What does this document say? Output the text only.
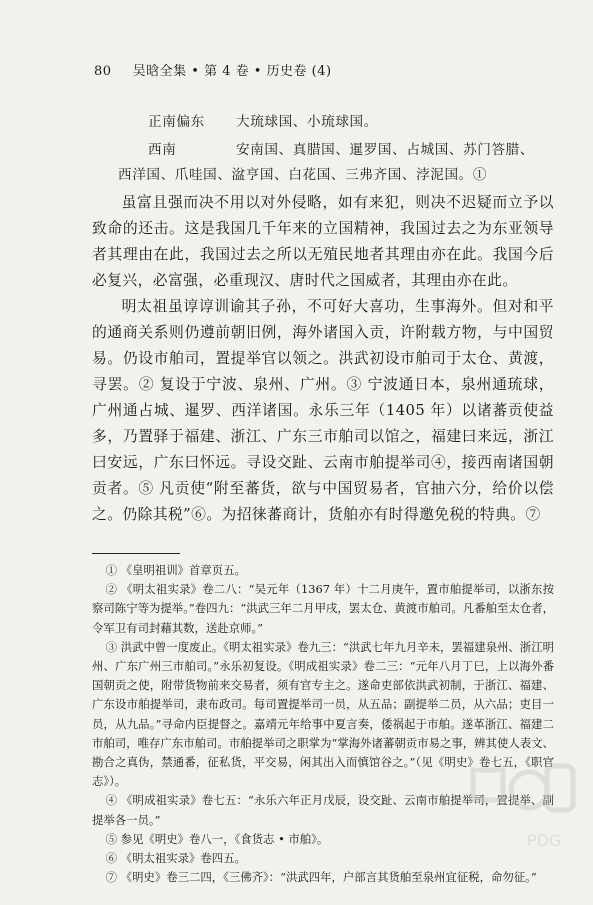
80 吴晗全集 • 第 4 卷 • 历史卷 (4)
正南偏东 大琉球国、小琉球国。
西南	安南国、真腊国、暹罗国、占城国、苏门答腊、
西洋国、爪哇国、湓亨国、白花国、三弗齐国、浡泥国。①

虽富且强而决不用以对外侵略，如有来犯，则决不迟疑而立予以致命的还击。这是我国几千年来的立国精神，我国过去之为东亚领导者其理由在此，我国过去之所以无殖民地者其理由亦在此。我国今后必复兴，必富强，必重现汉、唐时代之国威者，其理由亦在此。

明太祖虽谆谆训谕其子孙，不可好大喜功，生事海外。但对和平的通商关系则仍遵前朝旧例，海外诸国入贡，许附载方物，与中国贸易。仍设市舶司，置提举官以领之。洪武初设市舶司于太仓、黄渡，寻罢。② 复设于宁波、泉州、广州。③ 宁波通日本，泉州通琉球，广州通占城、暹罗、西洋诸国。永乐三年（1405 年）以诸蕃贡使益多，乃置驿于福建、浙江、广东三市舶司以馆之，福建曰来远，浙江曰安远，广东曰怀远。寻设交趾、云南市舶提举司④，接西南诸国朝贡者。⑤ 凡贡使“附至蕃货，欲与中国贸易者，官抽六分，给价以偿之。仍除其税”⑥。为招徕蕃商计，货舶亦有时得邀免税的特典。⑦

① 《皇明祖训》首章页五。

② 《明太祖实录》卷二八：“吴元年（1367 年）十二月庚午，置市舶提举司，以浙东按察司陈宁等为提举。”卷四九：“洪武三年二月甲戌，罢太仓、黄渡市舶司。凡番舶至太仓者，令军卫有司封藉其数，送赴京师。”

③ 洪武中曾一度废止。《明太祖实录》卷九三：“洪武七年九月辛未，罢福建泉州、浙江明州、广东广州三市舶司。”永乐初复设。《明成祖实录》卷二三：“元年八月丁巳，上以海外番国朝贡之使，附带货物前来交易者，须有官专主之。遂命吏部依洪武初制，于浙江、福建、广东设市舶提举司，隶布政司。每司置提举司一员，从五品；副提举二员，从六品；吏目一员，从九品。”寻命内臣提督之。嘉靖元年给事中夏言奏，倭祸起于市舶。遂革浙江、福建二市舶司，唯存广东市舶司。市舶提举司之职掌为“掌海外诸蕃朝贡市易之事，辨其使人表文、勘合之真伪，禁通番，征私货，平交易，闲其出入而慎馆谷之。”（见《明史》卷七五，《职官志》）。

④ 《明成祖实录》卷七五：“永乐六年正月戊辰，设交趾、云南市舶提举司，置提举、副提举各一员。”

⑤ 参见《明史》卷八一，《食货志 • 市舶》。

⑥ 《明太祖实录》卷四五。

⑦ 《明史》卷三二四，《三佛齐》：“洪武四年，户部言其货舶至泉州宜征税，命勿征。”

PDG
